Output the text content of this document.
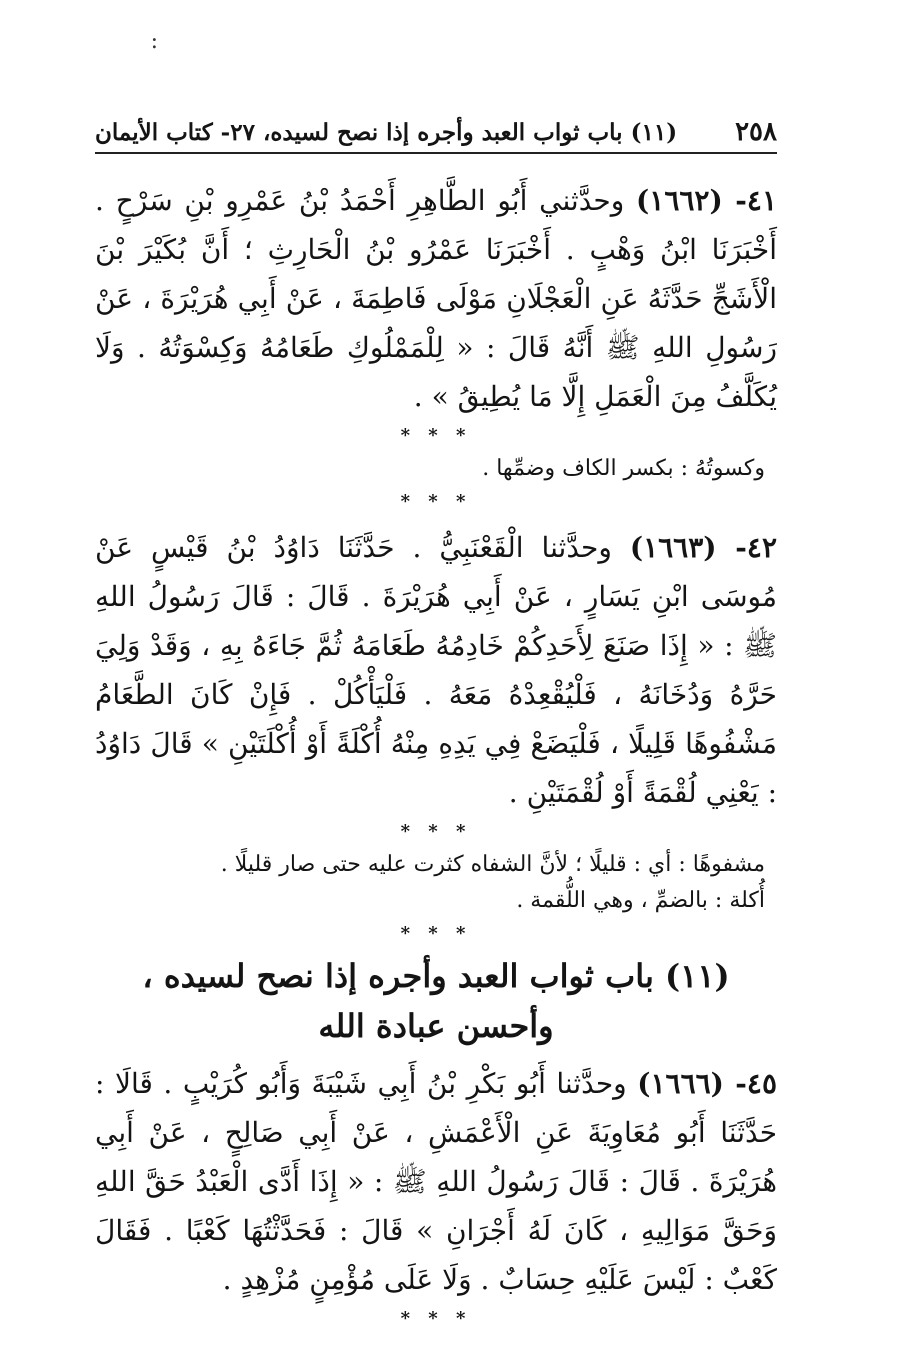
:
٢٥٨
(١١) باب ثواب العبد وأجره إذا نصح لسيده، ٢٧- كتاب الأيمان

٤١- (١٦٦٢) وحدَّثني أَبُو الطَّاهِرِ أَحْمَدُ بْنُ عَمْرِو بْنِ سَرْحٍ . أَخْبَرَنَا ابْنُ وَهْبٍ . أَخْبَرَنَا عَمْرُو بْنُ الْحَارِثِ ؛ أَنَّ بُكَيْرَ بْنَ الْأَشَجِّ حَدَّثَهُ عَنِ الْعَجْلَانِ مَوْلَى فَاطِمَةَ ، عَنْ أَبِي هُرَيْرَةَ ، عَنْ رَسُولِ اللهِ ﷺ أَنَّهُ قَالَ : « لِلْمَمْلُوكِ طَعَامُهُ وَكِسْوَتُهُ . وَلَا يُكَلَّفُ مِنَ الْعَمَلِ إِلَّا مَا يُطِيقُ » .

* * *

وكسوتُهُ : بكسر الكاف وضمِّها .

* * *

٤٢- (١٦٦٣) وحدَّثنا الْقَعْنَبِيُّ . حَدَّثَنَا دَاوُدُ بْنُ قَيْسٍ عَنْ مُوسَى ابْنِ يَسَارٍ ، عَنْ أَبِي هُرَيْرَةَ . قَالَ : قَالَ رَسُولُ اللهِ ﷺ : « إِذَا صَنَعَ لِأَحَدِكُمْ خَادِمُهُ طَعَامَهُ ثُمَّ جَاءَهُ بِهِ ، وَقَدْ وَلِيَ حَرَّهُ وَدُخَانَهُ ، فَلْيُقْعِدْهُ مَعَهُ . فَلْيَأْكُلْ . فَإِنْ كَانَ الطَّعَامُ مَشْفُوهًا قَلِيلًا ، فَلْيَضَعْ فِي يَدِهِ مِنْهُ أُكْلَةً أَوْ أُكْلَتَيْنِ » قَالَ دَاوُدُ : يَعْنِي لُقْمَةً أَوْ لُقْمَتَيْنِ .

* * *

مشفوهًا : أي : قليلًا ؛ لأنَّ الشفاه كثرت عليه حتى صار قليلًا .

أُكلة : بالضمِّ ، وهي اللُّقمة .

* * *
(١١) باب ثواب العبد وأجره إذا نصح لسيده ، وأحسن عبادة الله

٤٥- (١٦٦٦) وحدَّثنا أَبُو بَكْرِ بْنُ أَبِي شَيْبَةَ وَأَبُو كُرَيْبٍ . قَالَا : حَدَّثَنَا أَبُو مُعَاوِيَةَ عَنِ الْأَعْمَشِ ، عَنْ أَبِي صَالِحٍ ، عَنْ أَبِي هُرَيْرَةَ . قَالَ : قَالَ رَسُولُ اللهِ ﷺ : « إِذَا أَدَّى الْعَبْدُ حَقَّ اللهِ وَحَقَّ مَوَالِيهِ ، كَانَ لَهُ أَجْرَانِ » قَالَ : فَحَدَّثْتُهَا كَعْبًا . فَقَالَ كَعْبٌ : لَيْسَ عَلَيْهِ حِسَابٌ . وَلَا عَلَى مُؤْمِنٍ مُزْهِدٍ .

* * *
